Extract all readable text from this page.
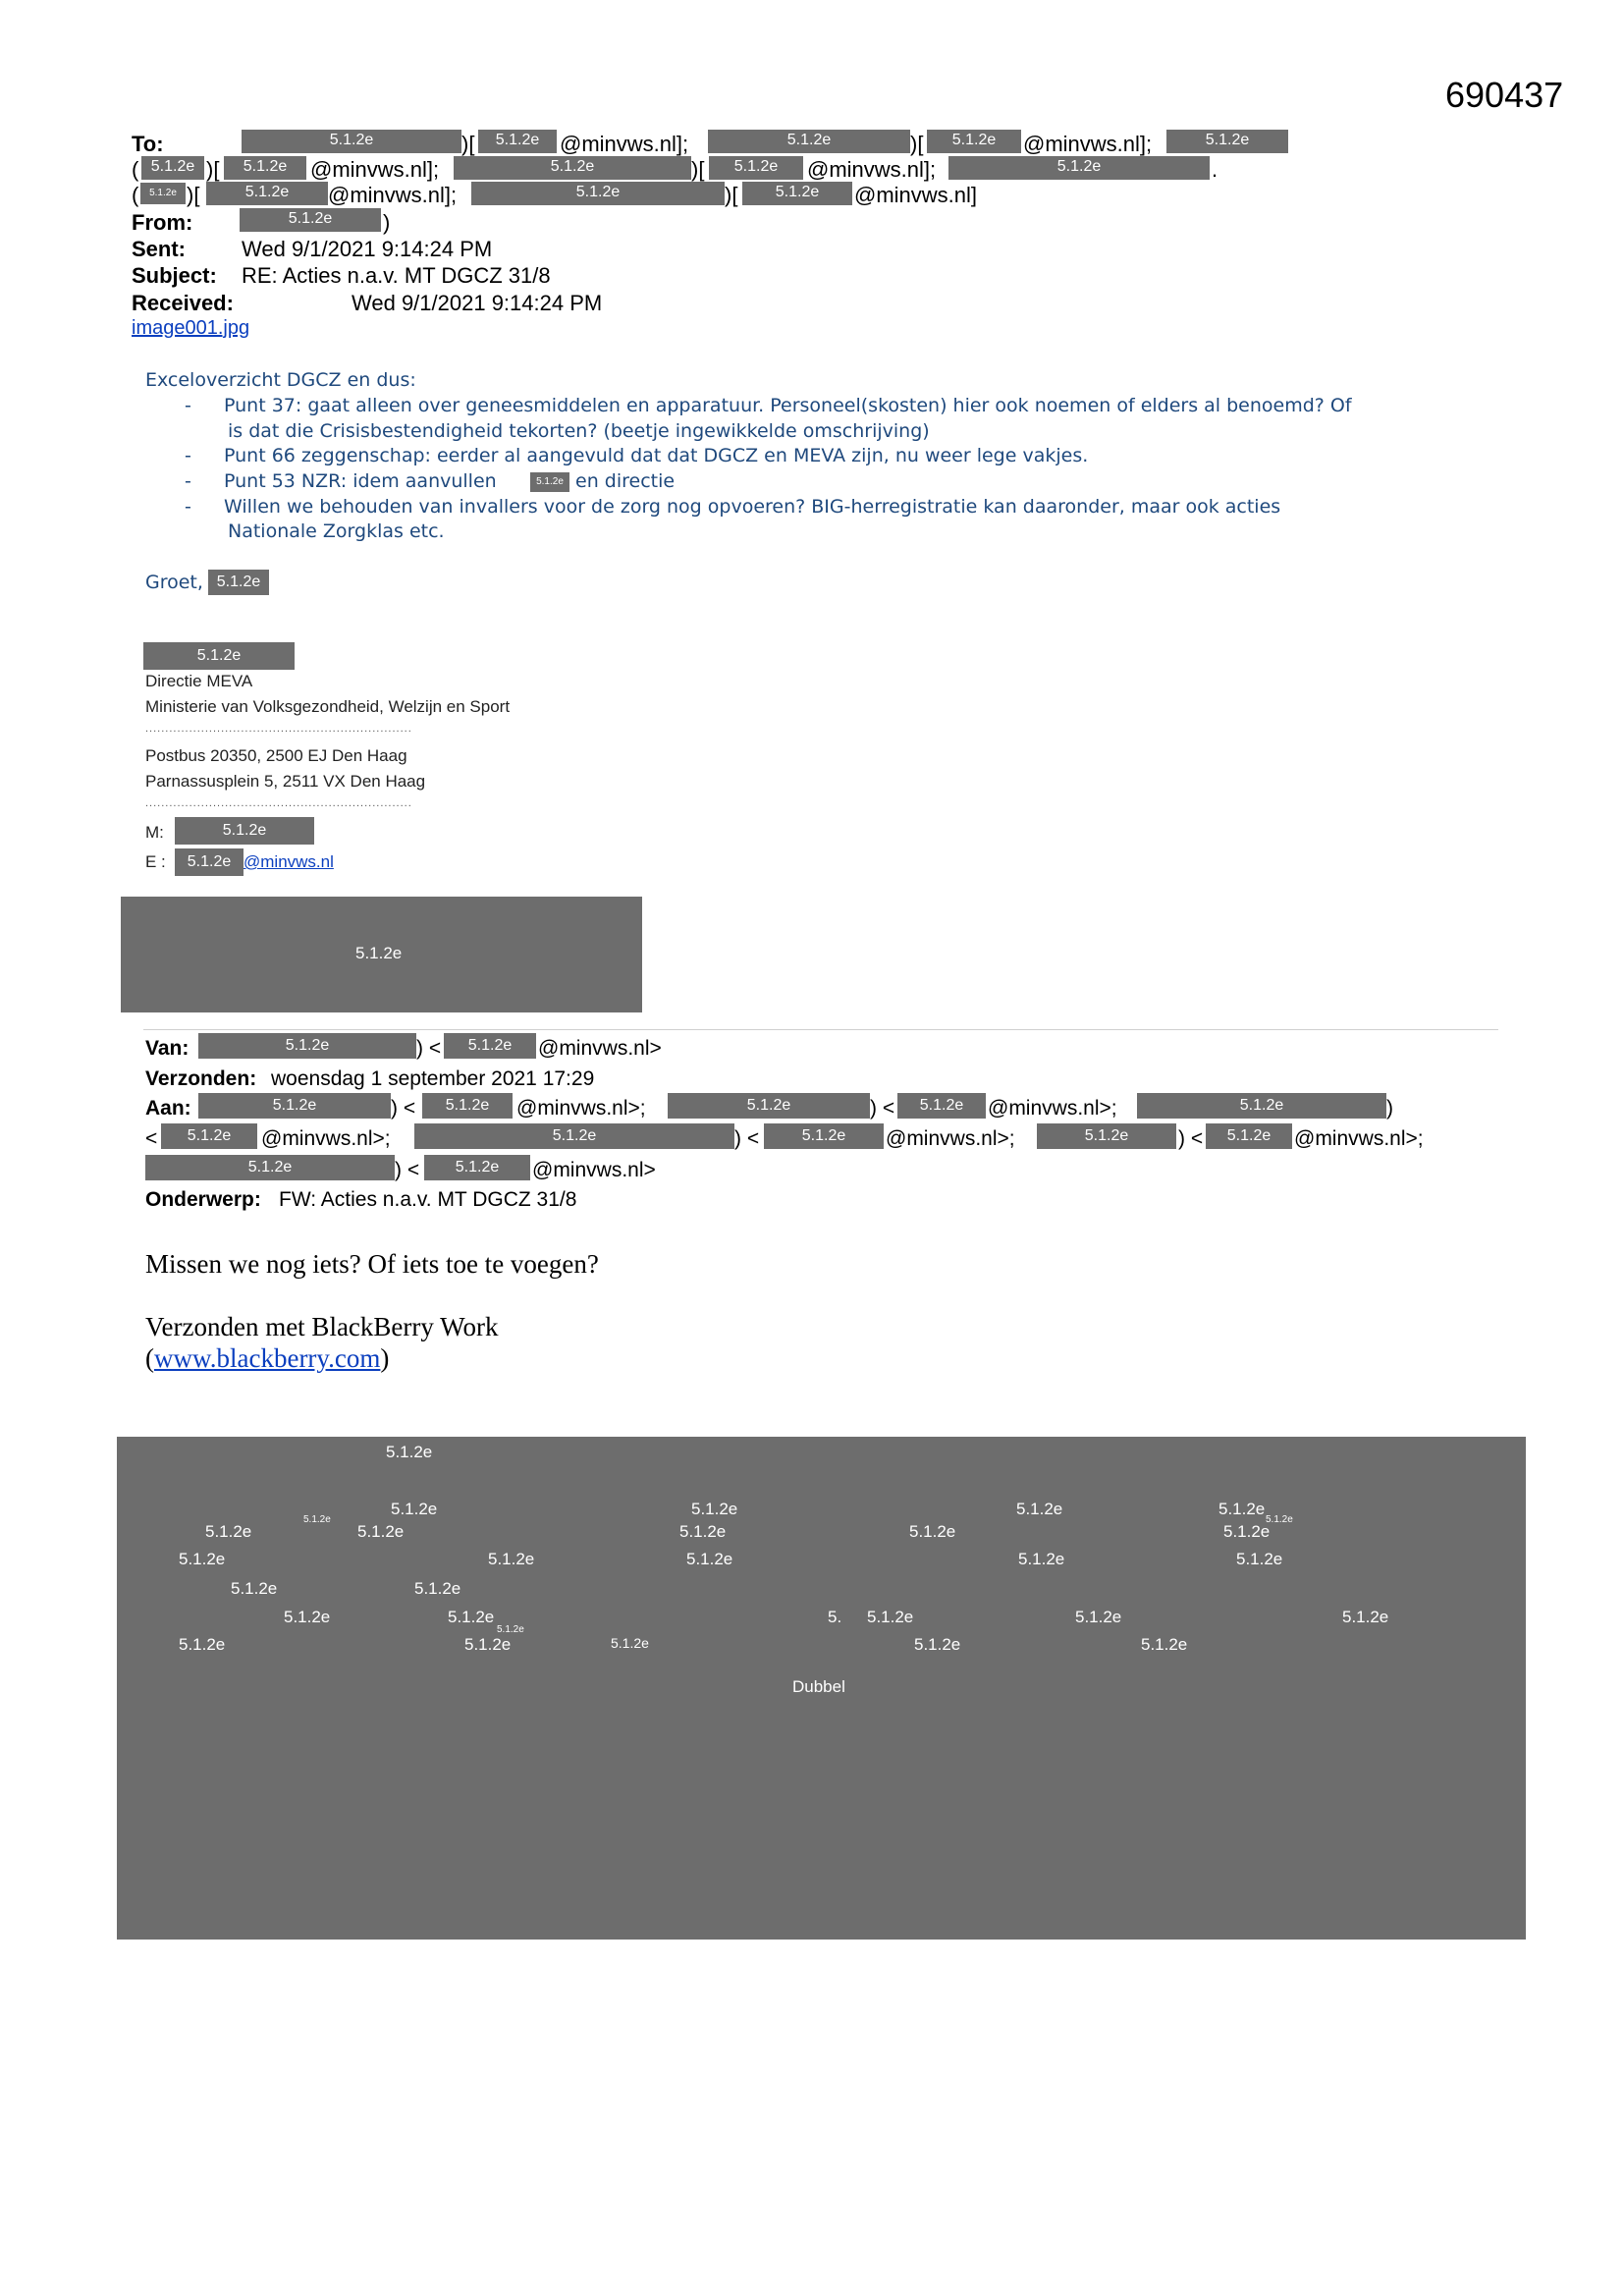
690437
To:	5.1.2e	)[	5.1.2e @minvws.nl];	5.1.2e	)[	5.1.2e	@minvws.nl];	5.1.2e
( 5.1.2e )[	5.1.2e	@minvws.nl];	5.1.2e	)[	5.1.2e	@minvws.nl];	5.1.2e	.
(	5.1.2e )[	5.1.2e	@minvws.nl];	5.1.2e	)[	5.1.2e	@minvws.nl]
From:	5.1.2e	)
Sent:	Wed 9/1/2021 9:14:24 PM
Subject: RE: Acties n.a.v. MT DGCZ 31/8
Received:	Wed 9/1/2021 9:14:24 PM
image001.jpg
Exceloverzicht DGCZ en dus:
- Punt 37: gaat alleen over geneesmiddelen en apparatuur. Personeel(skosten) hier ook noemen of elders al benoemd? Of
is dat die Crisisbestendigheid tekorten? (beetje ingewikkelde omschrijving)
- Punt 66 zeggenschap: eerder al aangevuld dat dat DGCZ en MEVA zijn, nu weer lege vakjes.
- Punt 53 NZR: idem aanvullen	5.1.2e en directie
- Willen we behouden van invallers voor de zorg nog opvoeren? BIG-herregistratie kan daaronder, maar ook acties
Nationale Zorgklas etc.
Groet, 5.1.2e
5.1.2e
Directie MEVA
Ministerie van Volksgezondheid, Welzijn en Sport
...................................................................
Postbus 20350, 2500 EJ Den Haag
Parnassusplein 5, 2511 VX Den Haag
...................................................................
M:	5.1.2e
E :	5.1.2e @minvws.nl
5.1.2e
Van:	5.1.2e	) <	5.1.2e	@minvws.nl>
Verzonden: woensdag 1 september 2021 17:29
Aan:	5.1.2e	) <	5.1.2e	@minvws.nl>;	5.1.2e	) <	5.1.2e	@minvws.nl>;	5.1.2e	)
<	5.1.2e	@minvws.nl>;	5.1.2e	) <	5.1.2e	@minvws.nl>;	5.1.2e	) <	5.1.2e	@minvws.nl>;
5.1.2e	) <	5.1.2e	@minvws.nl>
Onderwerp: FW: Acties n.a.v. MT DGCZ 31/8
Missen we nog iets? Of iets toe te voegen?
Verzonden met BlackBerry Work
(www.blackberry.com)
5.1.2e
5.1.2e	5.1.2e	5.1.2e	5.1.2e
5.1.2e
5.1.2e
5.1.2e
5.1.2e	5.1.2e	5.1.2e	5.1.2e
5.1.2e	5.1.2e	5.1.2e	5.1.2e	5.1.2e
5.1.2e	5.1.2e
5.1.2e	5.1.2e
5.1.2e
5. 5.1.2e	5.1.2e	5.1.2e
5.1.2e	5.1.2e	5.1.2e	5.1.2e	5.1.2e
Dubbel
